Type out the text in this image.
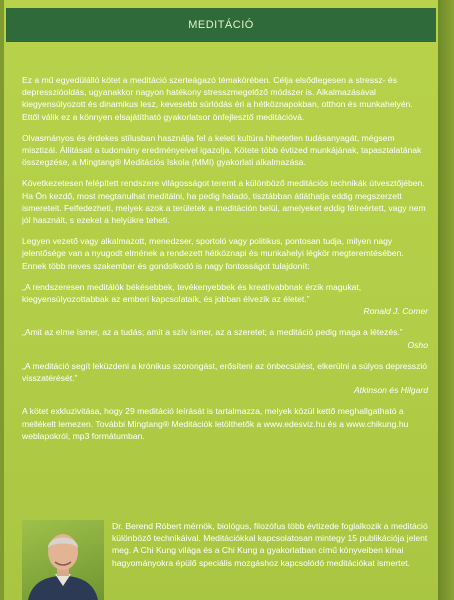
MEDITÁCIÓ

Ez a mű egyedülálló kötet a meditáció szerteágazó témakörében. Célja elsődlegesen a stressz- és depresszióoldás, ugyanakkor nagyon hatékony stresszmegelőző módszer is. Alkalmazásával kiegyensúlyozott és dinamikus lesz, kevesebb súrlódás éri a hétköznapokban, otthon és munkahelyén. Ettől válik ez a könnyen elsajátítható gyakorlatsor önfejlesztő meditációvá.

Olvasmányos és érdekes stílusban használja fel a keleti kultúra hihetetlen tudásanyagát, mégsem misztizál. Állításait a tudomány eredményeivel igazolja. Kötete több évtized munkájának, tapasztalatának összegzése, a Mingtang® Meditációs Iskola (MMI) gyakorlati alkalmazása.

Következetesen felépített rendszere világosságot teremt a különböző meditációs technikák útvesztőjében. Ha Ön kezdő, most megtanulhat meditálni, ha pedig haladó, tisztábban átláthatja eddig megszerzett ismereteit. Felfedezheti, melyek azok a területek a meditáción belül, amelyeket eddig félreértett, vagy nem jól használt, s ezeket a helyükre teheti.

Legyen vezető vagy alkalmazott, menedzser, sportoló vagy politikus, pontosan tudja, milyen nagy jelentősége van a nyugodt elmének a rendezett hétköznapi és munkahelyi légkör megteremtésében. Ennek több neves szakember és gondolkodó is nagy fontosságot tulajdonít:

„A rendszeresen meditálók békésebbek, tevékenyebbek és kreatívabbnak érzik magukat, kiegyensúlyozottabbak az emberi kapcsolataik, és jobban élvezik az életet.”
Ronald J. Comer
„Amit az elme ismer, az a tudás; amit a szív ismer, az a szeretet; a meditáció pedig maga a létezés.”
Osho
„A meditáció segít leküzdeni a krónikus szorongást, erősíteni az önbecsülést, elkerülni a súlyos depresszió visszatérését.”
Atkinson és Hilgard

A kötet exkluzivitása, hogy 29 meditáció leírását is tartalmazza, melyek közül kettő meghallgatható a mellékelt lemezen. További Mingtang® Meditációk letölthetők a www.edesviz.hu és a www.chikung.hu weblapokról, mp3 formátumban.

Dr. Berend Róbert mérnök, biológus, filozófus több évtizede foglalkozik a meditáció különböző technikáival. Meditációkkal kapcsolatosan mintegy 15 publikációja jelent meg. A Chi Kung világa és a Chi Kung a gyakorlatban című könyveiben kínai hagyományokra épülő speciális mozgáshoz kapcsolódó meditációkat ismertet.
